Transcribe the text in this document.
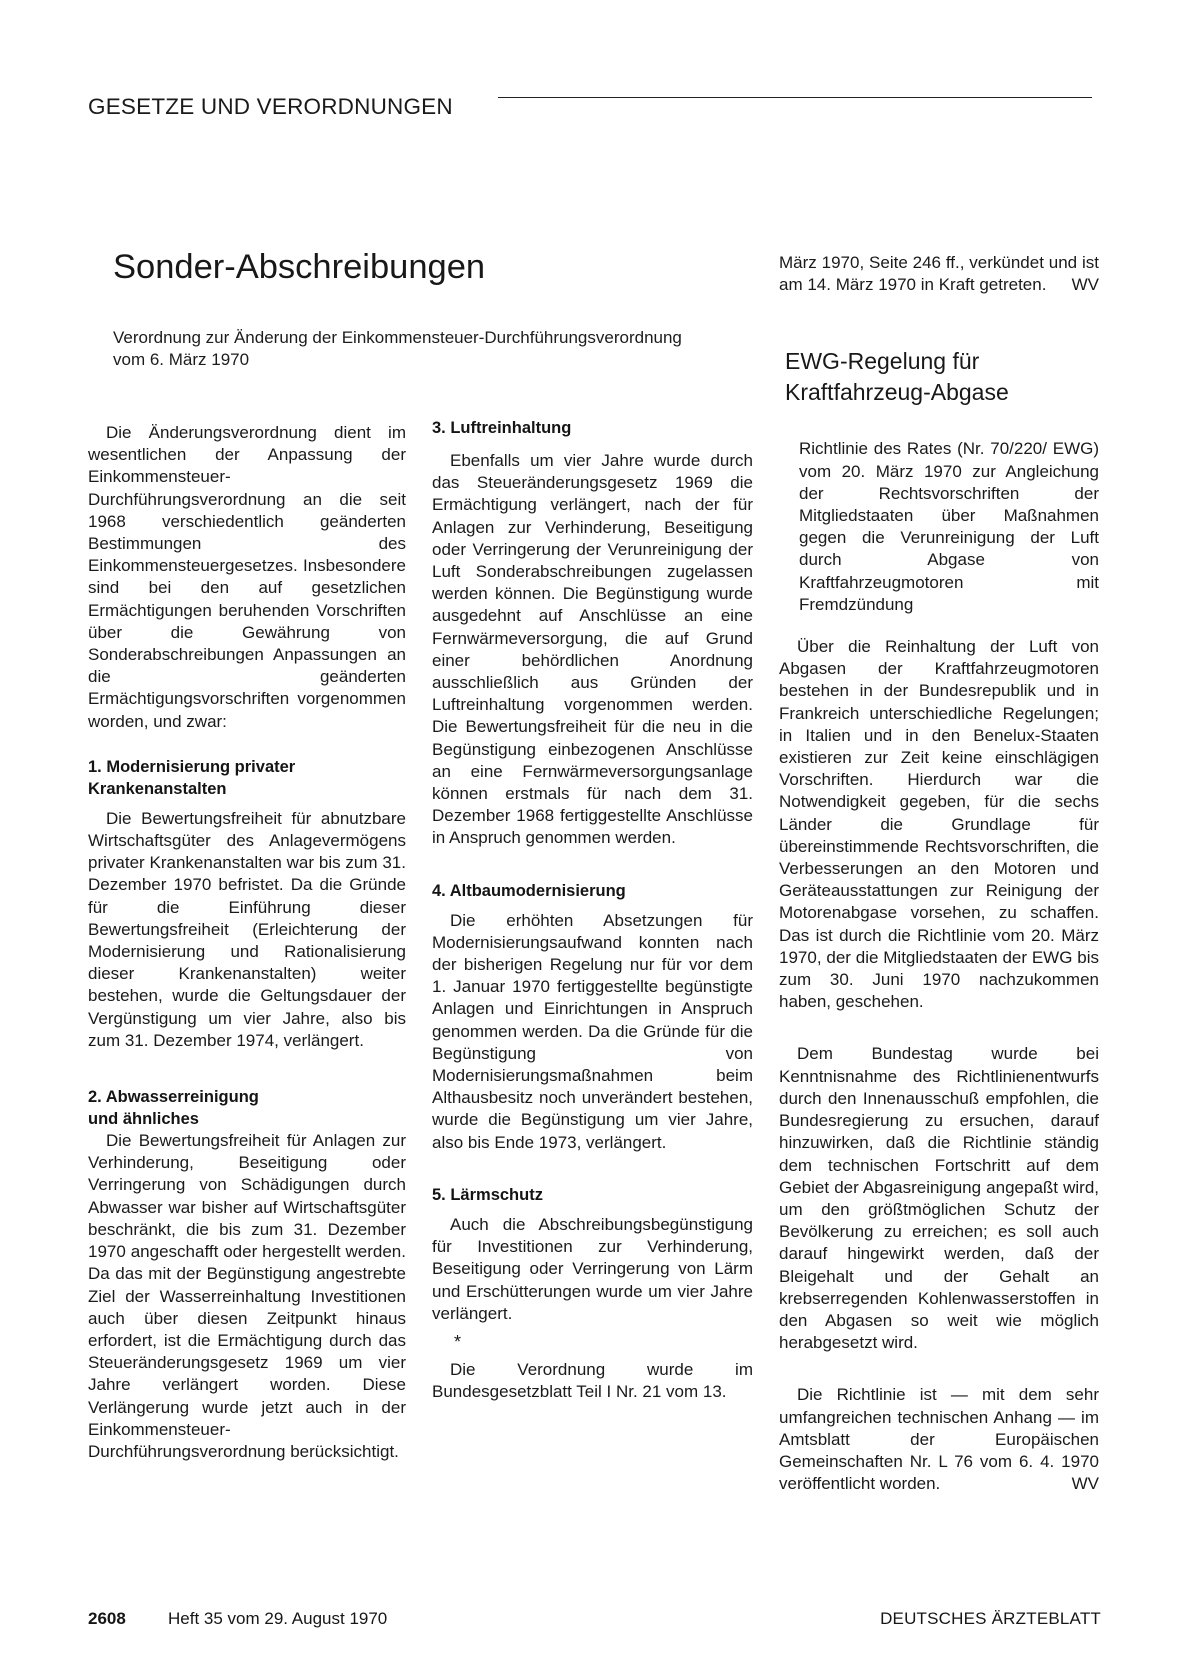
GESETZE UND VERORDNUNGEN
Sonder-Abschreibungen
Verordnung zur Änderung der Einkommensteuer-Durchführungsverordnung vom 6. März 1970

Die Änderungsverordnung dient im wesentlichen der Anpassung der Einkommensteuer-Durchführungsverordnung an die seit 1968 verschiedentlich geänderten Bestimmungen des Einkommensteuergesetzes. Insbesondere sind bei den auf gesetzlichen Ermächtigungen beruhenden Vorschriften über die Gewährung von Sonderabschreibungen Anpassungen an die geänderten Ermächtigungsvorschriften vorgenommen worden, und zwar:

1. Modernisierung privater Krankenanstalten

Die Bewertungsfreiheit für abnutzbare Wirtschaftsgüter des Anlagevermögens privater Krankenanstalten war bis zum 31. Dezember 1970 befristet. Da die Gründe für die Einführung dieser Bewertungsfreiheit (Erleichterung der Modernisierung und Rationalisierung dieser Krankenanstalten) weiter bestehen, wurde die Geltungsdauer der Vergünstigung um vier Jahre, also bis zum 31. Dezember 1974, verlängert.

2. Abwasserreinigung und ähnliches

Die Bewertungsfreiheit für Anlagen zur Verhinderung, Beseitigung oder Verringerung von Schädigungen durch Abwasser war bisher auf Wirtschaftsgüter beschränkt, die bis zum 31. Dezember 1970 angeschafft oder hergestellt werden. Da das mit der Begünstigung angestrebte Ziel der Wasserreinhaltung Investitionen auch über diesen Zeitpunkt hinaus erfordert, ist die Ermächtigung durch das Steueränderungsgesetz 1969 um vier Jahre verlängert worden. Diese Verlängerung wurde jetzt auch in der Einkommensteuer-Durchführungsverordnung berücksichtigt.

3. Luftreinhaltung

Ebenfalls um vier Jahre wurde durch das Steueränderungsgesetz 1969 die Ermächtigung verlängert, nach der für Anlagen zur Verhinderung, Beseitigung oder Verringerung der Verunreinigung der Luft Sonderabschreibungen zugelassen werden können. Die Begünstigung wurde ausgedehnt auf Anschlüsse an eine Fernwärmeversorgung, die auf Grund einer behördlichen Anordnung ausschließlich aus Gründen der Luftreinhaltung vorgenommen werden. Die Bewertungsfreiheit für die neu in die Begünstigung einbezogenen Anschlüsse an eine Fernwärmeversorgungsanlage können erstmals für nach dem 31. Dezember 1968 fertiggestellte Anschlüsse in Anspruch genommen werden.

4. Altbaumodernisierung

Die erhöhten Absetzungen für Modernisierungsaufwand konnten nach der bisherigen Regelung nur für vor dem 1. Januar 1970 fertiggestellte begünstigte Anlagen und Einrichtungen in Anspruch genommen werden. Da die Gründe für die Begünstigung von Modernisierungsmaßnahmen beim Althausbesitz noch unverändert bestehen, wurde die Begünstigung um vier Jahre, also bis Ende 1973, verlängert.

5. Lärmschutz

Auch die Abschreibungsbegünstigung für Investitionen zur Verhinderung, Beseitigung oder Verringerung von Lärm und Erschütterungen wurde um vier Jahre verlängert.

*

Die Verordnung wurde im Bundesgesetzblatt Teil I Nr. 21 vom 13.

März 1970, Seite 246 ff., verkündet und ist am 14. März 1970 in Kraft getreten. WV

EWG-Regelung für Kraftfahrzeug-Abgase

Richtlinie des Rates (Nr. 70/220/ EWG) vom 20. März 1970 zur Angleichung der Rechtsvorschriften der Mitgliedstaaten über Maßnahmen gegen die Verunreinigung der Luft durch Abgase von Kraftfahrzeugmotoren mit Fremdzündung

Über die Reinhaltung der Luft von Abgasen der Kraftfahrzeugmotoren bestehen in der Bundesrepublik und in Frankreich unterschiedliche Regelungen; in Italien und in den Benelux-Staaten existieren zur Zeit keine einschlägigen Vorschriften. Hierdurch war die Notwendigkeit gegeben, für die sechs Länder die Grundlage für übereinstimmende Rechtsvorschriften, die Verbesserungen an den Motoren und Geräteausstattungen zur Reinigung der Motorenabgase vorsehen, zu schaffen. Das ist durch die Richtlinie vom 20. März 1970, der die Mitgliedstaaten der EWG bis zum 30. Juni 1970 nachzukommen haben, geschehen.

Dem Bundestag wurde bei Kenntnisnahme des Richtlinienentwurfs durch den Innenausschuß empfohlen, die Bundesregierung zu ersuchen, darauf hinzuwirken, daß die Richtlinie ständig dem technischen Fortschritt auf dem Gebiet der Abgasreinigung angepaßt wird, um den größtmöglichen Schutz der Bevölkerung zu erreichen; es soll auch darauf hingewirkt werden, daß der Bleigehalt und der Gehalt an krebserregenden Kohlenwasserstoffen in den Abgasen so weit wie möglich herabgesetzt wird.

Die Richtlinie ist — mit dem sehr umfangreichen technischen Anhang — im Amtsblatt der Europäischen Gemeinschaften Nr. L 76 vom 6. 4. 1970 veröffentlicht worden.	WV

2608 Heft 35 vom 29. August 1970	DEUTSCHES ÄRZTEBLATT
